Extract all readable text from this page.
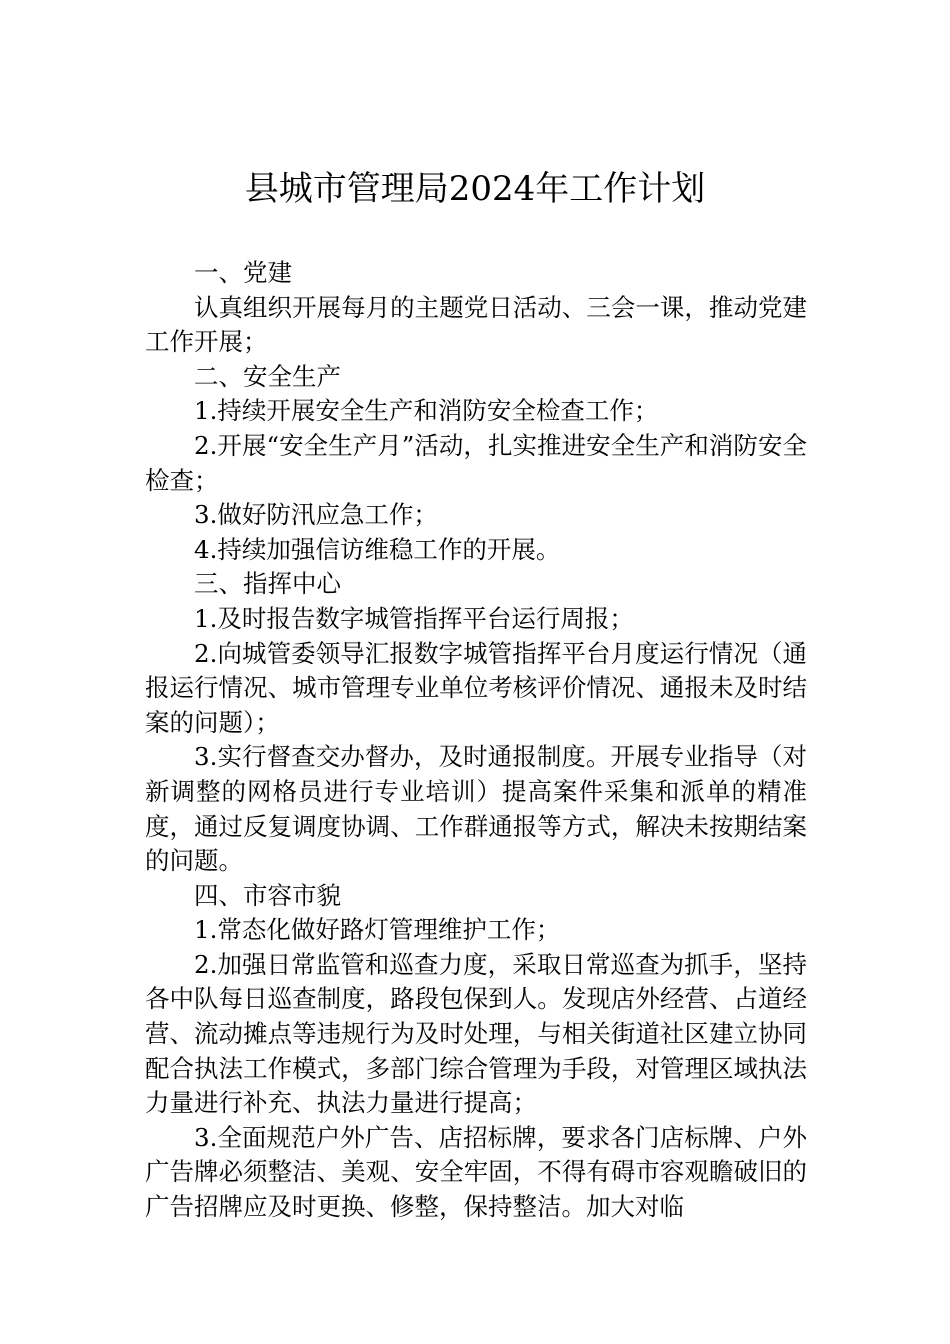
县城市管理局2024年工作计划

一、党建

认真组织开展每月的主题党日活动、三会一课，推动党建工作开展；

二、安全生产

1.持续开展安全生产和消防安全检查工作；

2.开展“安全生产月”活动，扎实推进安全生产和消防安全检查；

3.做好防汛应急工作；

4.持续加强信访维稳工作的开展。

三、指挥中心

1.及时报告数字城管指挥平台运行周报；

2.向城管委领导汇报数字城管指挥平台月度运行情况（通报运行情况、城市管理专业单位考核评价情况、通报未及时结案的问题）；

3.实行督查交办督办，及时通报制度。开展专业指导（对新调整的网格员进行专业培训）提高案件采集和派单的精准度，通过反复调度协调、工作群通报等方式，解决未按期结案的问题。

四、市容市貌

1.常态化做好路灯管理维护工作；

2.加强日常监管和巡查力度，采取日常巡查为抓手，坚持各中队每日巡查制度，路段包保到人。发现店外经营、占道经营、流动摊点等违规行为及时处理，与相关街道社区建立协同配合执法工作模式，多部门综合管理为手段，对管理区域执法力量进行补充、执法力量进行提高；

3.全面规范户外广告、店招标牌，要求各门店标牌、户外广告牌必须整洁、美观、安全牢固，不得有碍市容观瞻破旧的广告招牌应及时更换、修整，保持整洁。加大对临
